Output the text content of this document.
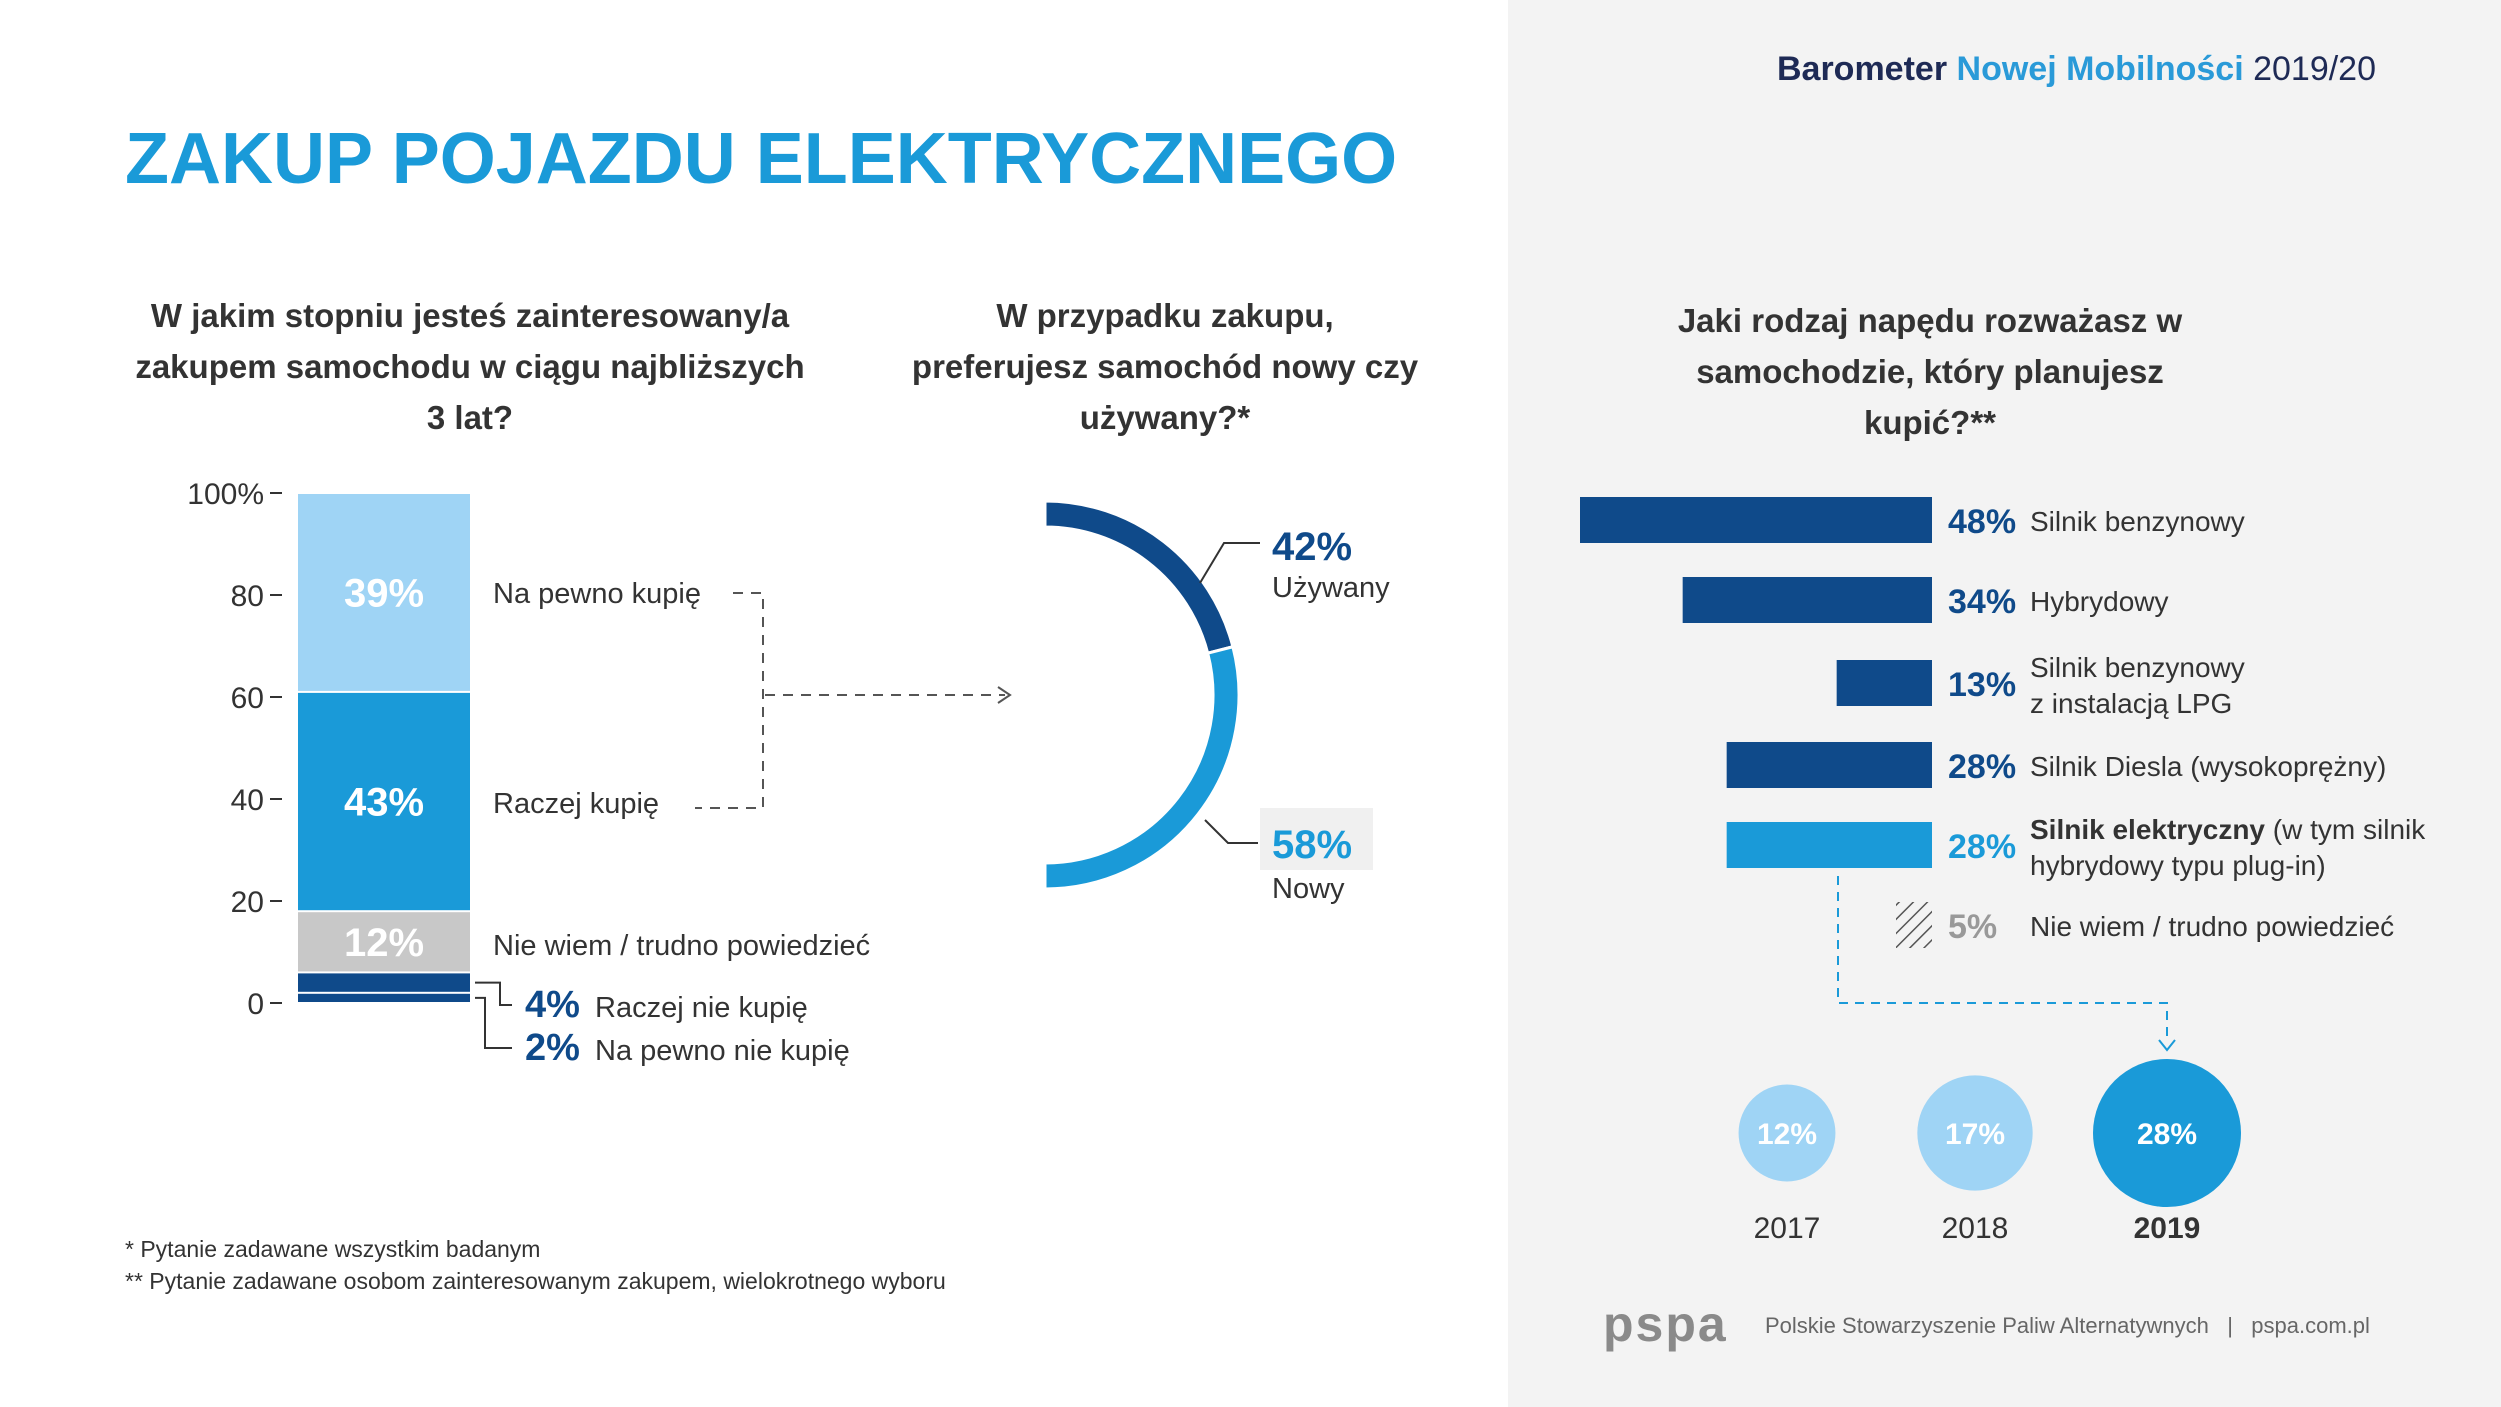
Barometer Nowej Mobilności 2019/20
ZAKUP POJAZDU ELEKTRYCZNEGO
W jakim stopniu jesteś zainteresowany/a zakupem samochodu w ciągu najbliższych 3 lat?
W przypadku zakupu, preferujesz samochód nowy czy używany?*
Jaki rodzaj napędu rozważasz w samochodzie, który planujesz kupić?**
100%
80
60
40
20
0
39%
43%
12%
Na pewno kupię
Raczej kupię
Nie wiem / trudno powiedzieć
4% Raczej nie kupię
2% Na pewno nie kupię
42%
Używany
58%
Nowy
48% Silnik benzynowy
34% Hybrydowy
13% Silnik benzynowy
z instalacją LPG
28% Silnik Diesla (wysokoprężny)
28% Silnik elektryczny (w tym silnik
hybrydowy typu plug-in)
5% Nie wiem / trudno powiedzieć
12%
2017
17%
2018
28%
2019
* Pytanie zadawane wszystkim badanym
** Pytanie zadawane osobom zainteresowanym zakupem, wielokrotnego wyboru
pspa Polskie Stowarzyszenie Paliw Alternatywnych | pspa.com.pl
